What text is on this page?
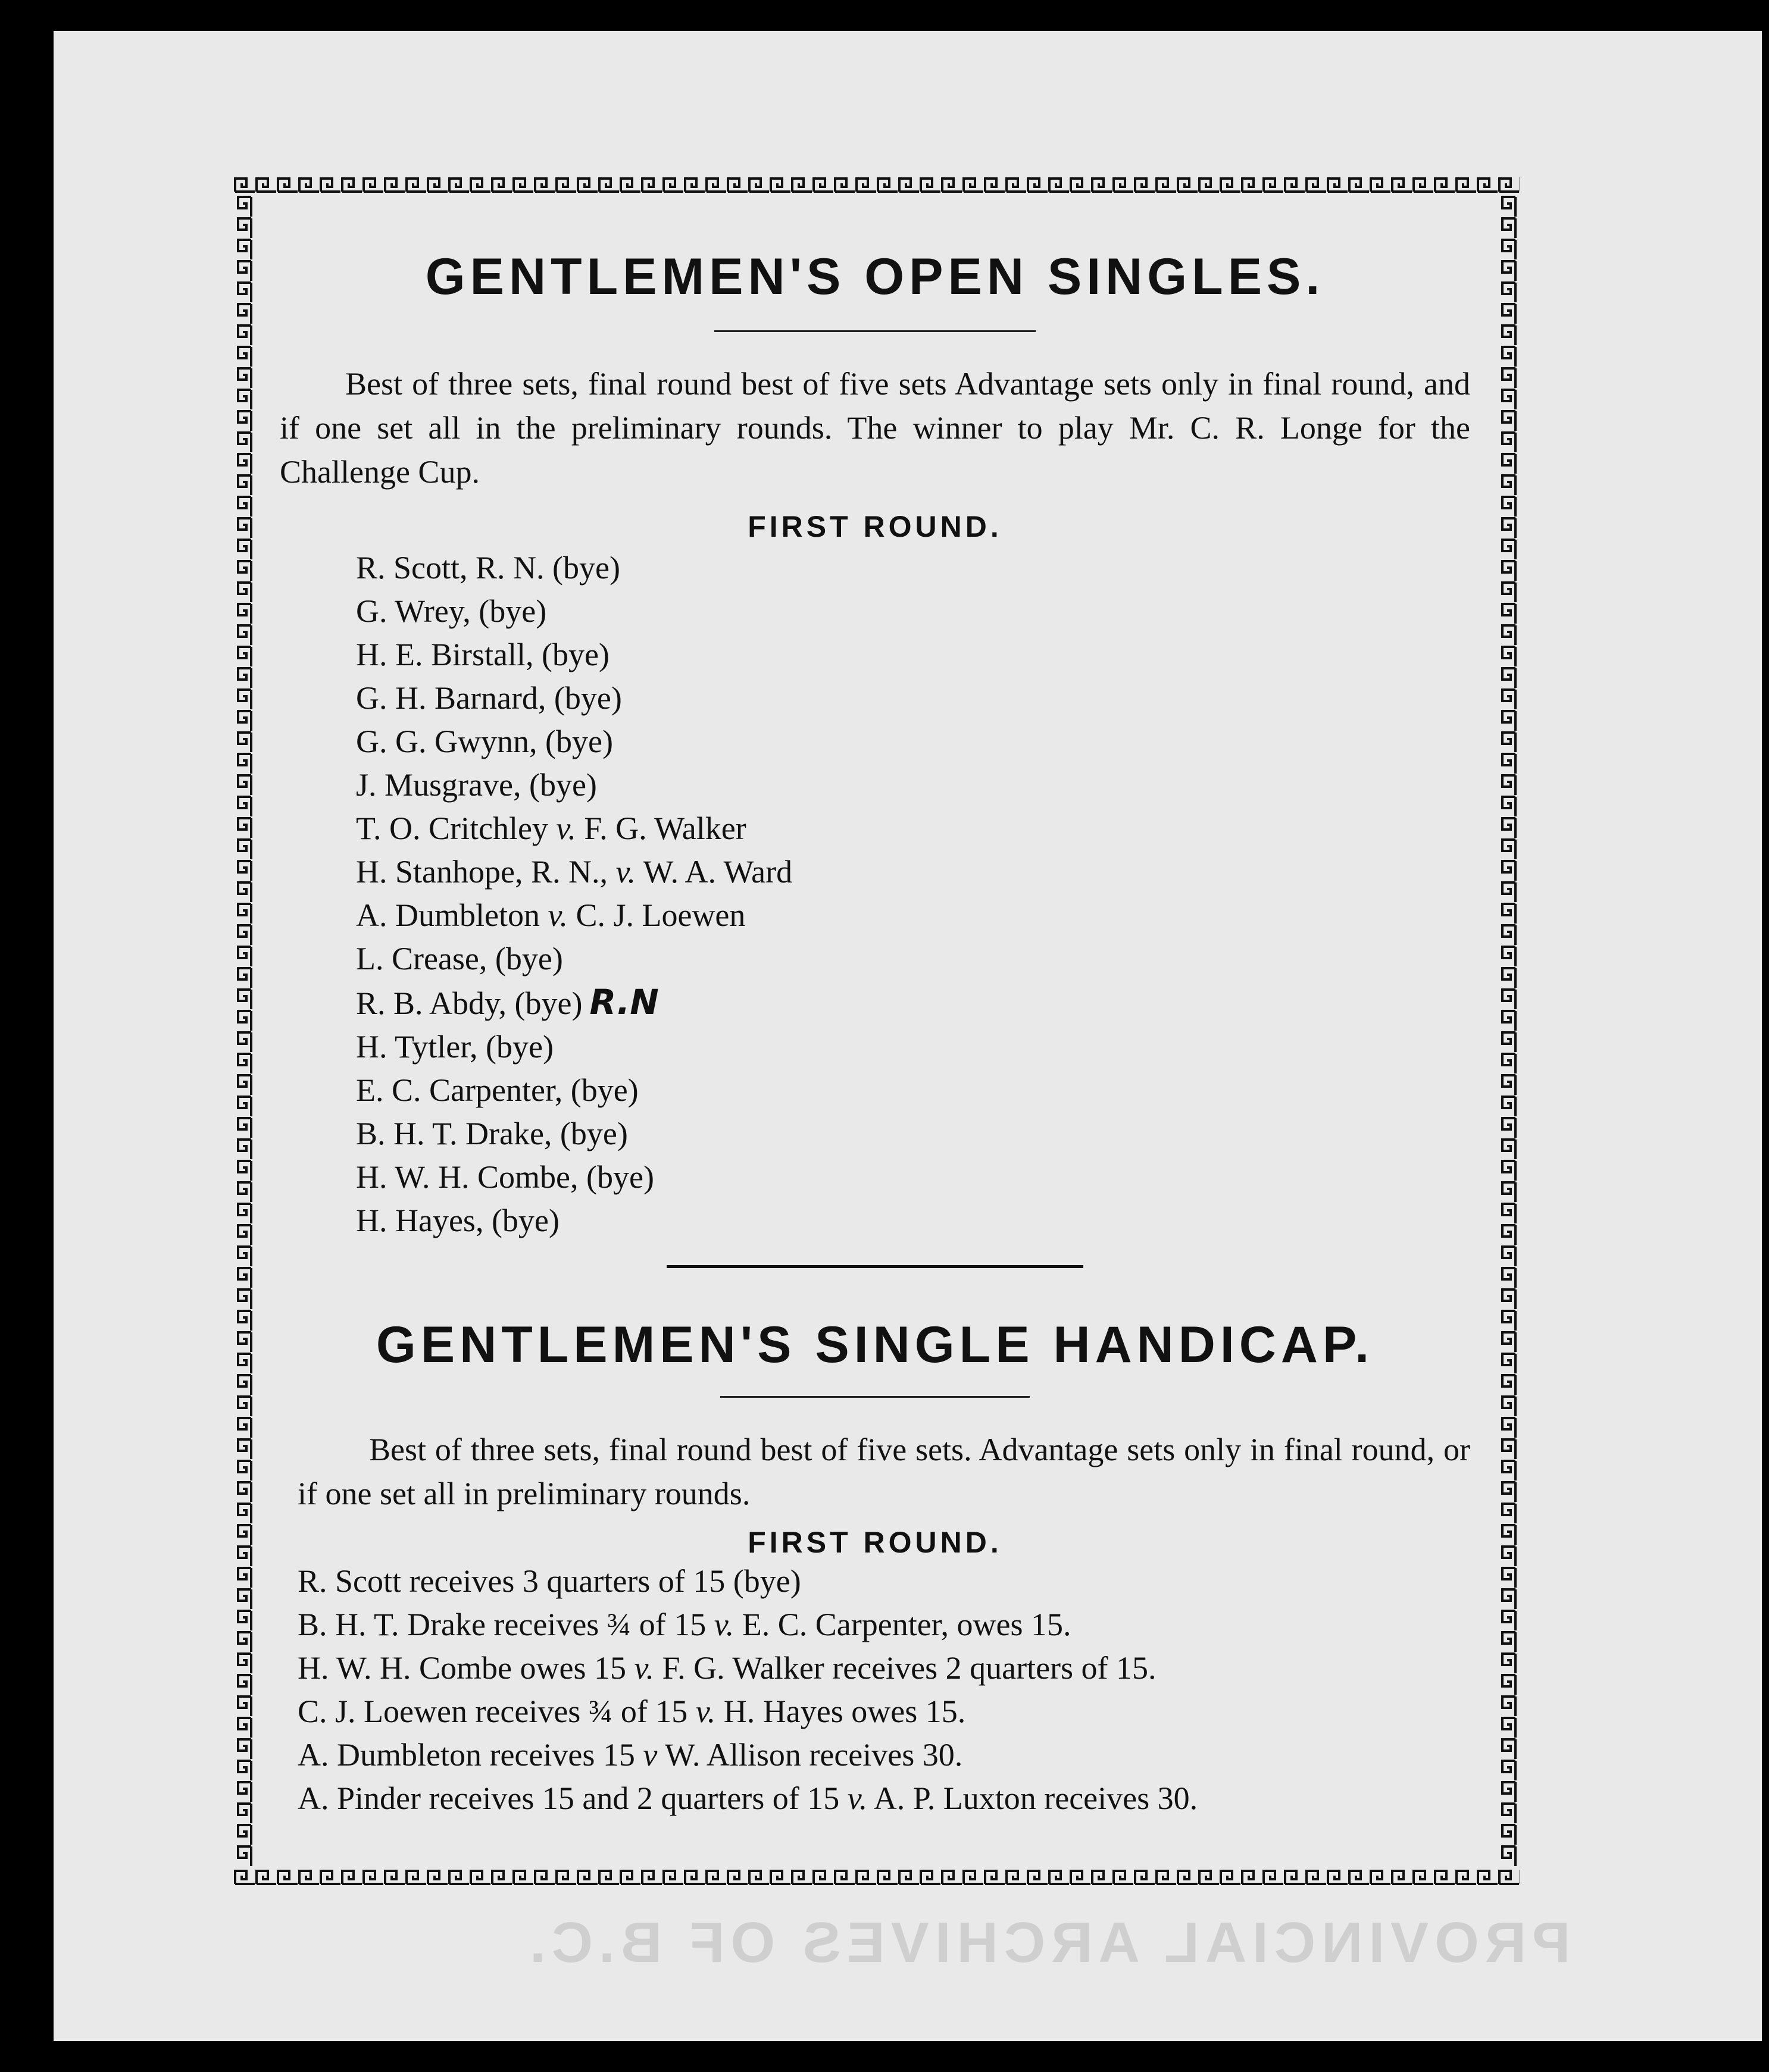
GENTLEMEN'S OPEN SINGLES.

Best of three sets, final round best of five sets Advantage sets only in final round, and if one set all in the preliminary rounds. The winner to play Mr. C. R. Longe for the Challenge Cup.

FIRST ROUND.

R. Scott, R. N. (bye)
G. Wrey, (bye)
H. E. Birstall, (bye)
G. H. Barnard, (bye)
G. G. Gwynn, (bye)
J. Musgrave, (bye)
T. O. Critchley v. F. G. Walker
H. Stanhope, R. N., v. W. A. Ward
A. Dumbleton v. C. J. Loewen
L. Crease, (bye)
R. B. Abdy, (bye) R.N
H. Tytler, (bye)
E. C. Carpenter, (bye)
B. H. T. Drake, (bye)
H. W. H. Combe, (bye)
H. Hayes, (bye)
GENTLEMEN'S SINGLE HANDICAP.

Best of three sets, final round best of five sets. Advantage sets only in final round, or if one set all in preliminary rounds.

FIRST ROUND.

R. Scott receives 3 quarters of 15 (bye)
B. H. T. Drake receives ¾ of 15 v. E. C. Carpenter, owes 15.
H. W. H. Combe owes 15 v. F. G. Walker receives 2 quarters of 15.
C. J. Loewen receives ¾ of 15 v. H. Hayes owes 15.
A. Dumbleton receives 15 v W. Allison receives 30.
A. Pinder receives 15 and 2 quarters of 15 v. A. P. Luxton receives 30.
PROVINCIAL ARCHIVES OF B.C.
